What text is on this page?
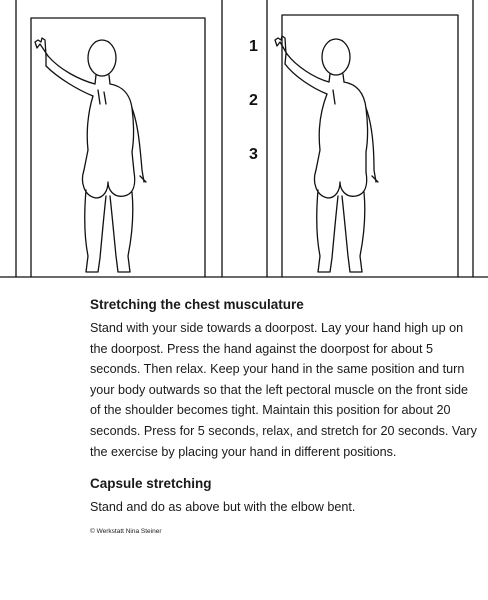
1
2
3

Stretching the chest musculature

Stand with your side towards a doorpost. Lay your hand high up on the doorpost. Press the hand against the doorpost for about 5 seconds. Then relax. Keep your hand in the same position and turn your body outwards so that the left pectoral muscle on the front side of the shoulder becomes tight. Maintain this position for about 20 seconds. Press for 5 seconds, relax, and stretch for 20 seconds. Vary the exercise by placing your hand in different positions.

Capsule stretching

Stand and do as above but with the elbow bent.

© Werkstatt Nina Steiner
